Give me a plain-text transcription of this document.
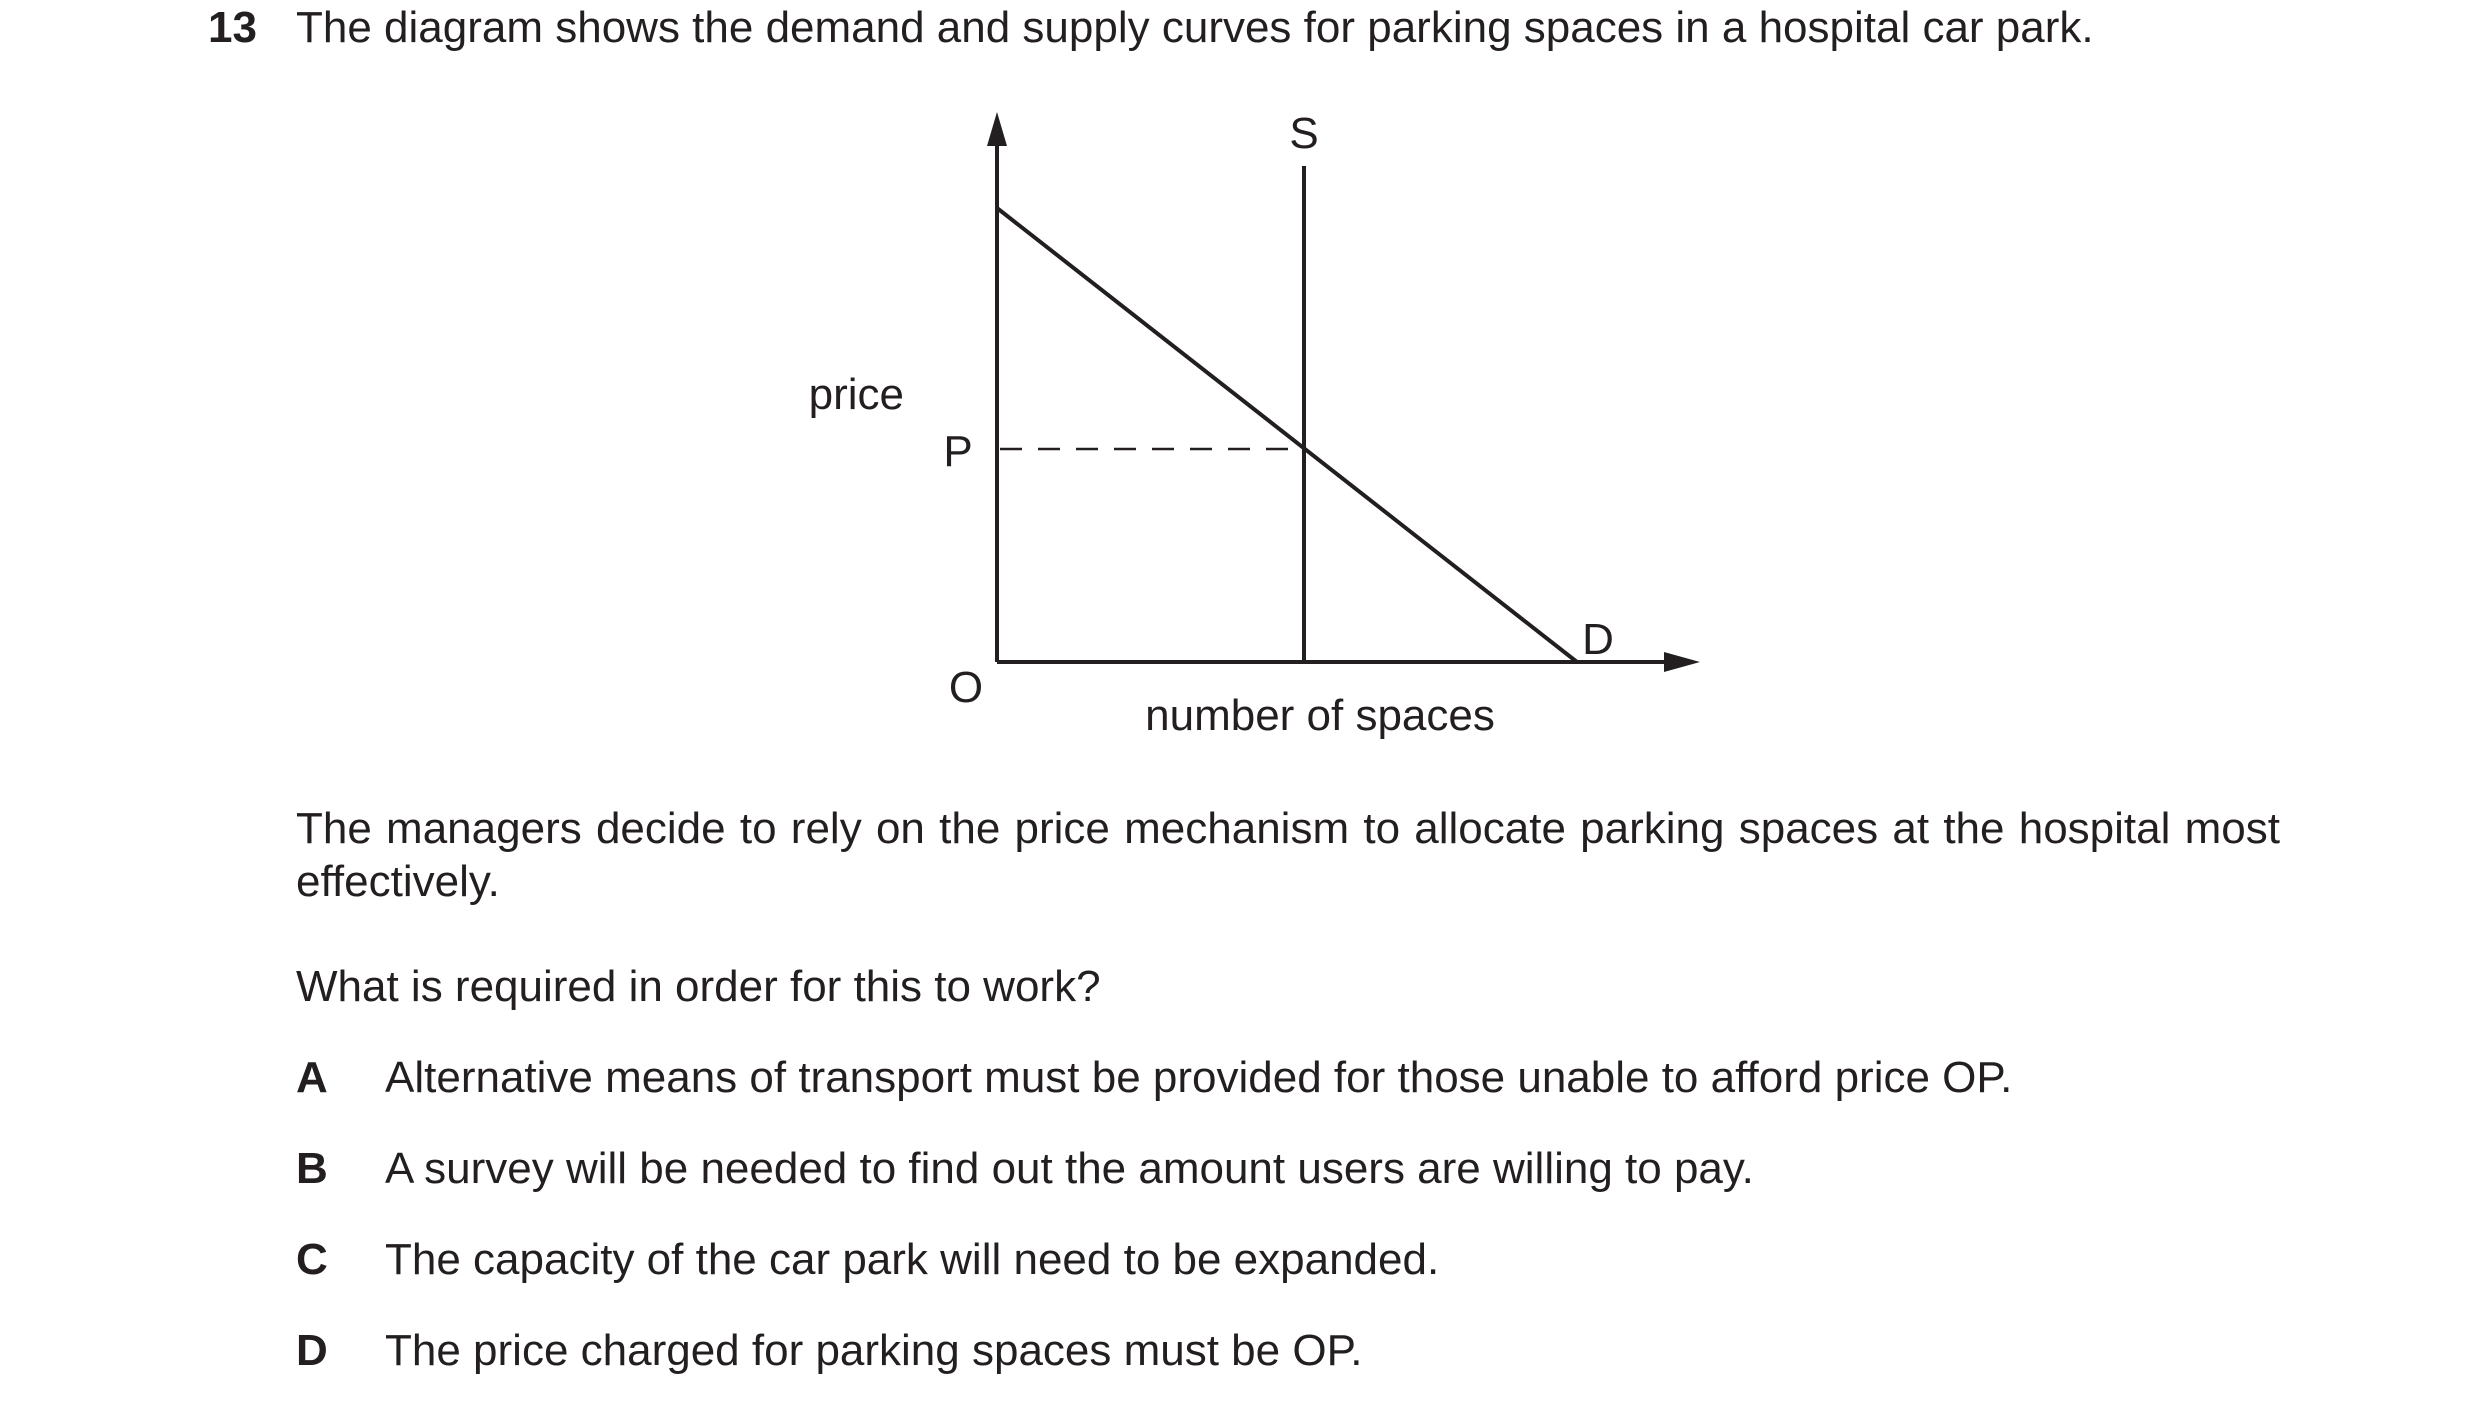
13 The diagram shows the demand and supply curves for parking spaces in a hospital car park.
S
price
P
D
O
number of spaces

The managers decide to rely on the price mechanism to allocate parking spaces at the hospital most effectively.

What is required in order for this to work?

A Alternative means of transport must be provided for those unable to afford price OP.
B A survey will be needed to find out the amount users are willing to pay.
C The capacity of the car park will need to be expanded.
D The price charged for parking spaces must be OP.
